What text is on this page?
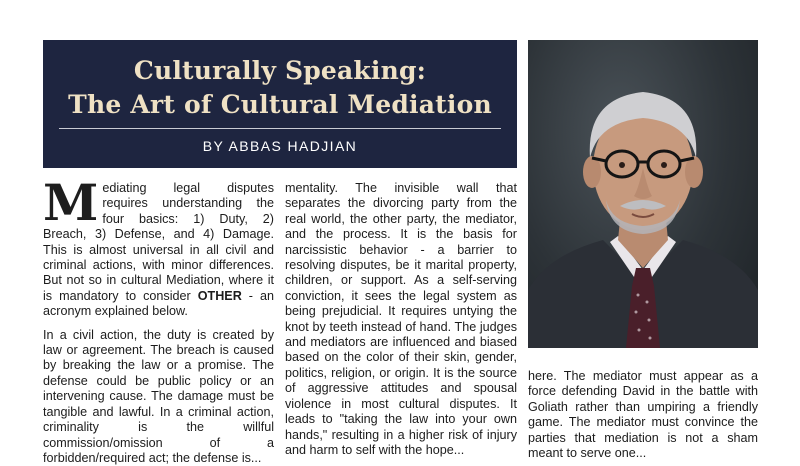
Culturally Speaking:
The Art of Cultural Mediation
BY ABBAS HADJIAN

Mediating legal disputes requires understanding the four basics: 1) Duty, 2) Breach, 3) Defense, and 4) Damage. This is almost universal in all civil and criminal actions, with minor differences. But not so in cultural Mediation, where it is mandatory to consider OTHER - an acronym explained below.

In a civil action, the duty is created by law or agreement. The breach is caused by breaking the law or a promise. The defense could be public policy or an intervening cause. The damage must be tangible and lawful. In a criminal action, criminality is the willful commission/omission of a forbidden/required act; the defense is...

mentality. The invisible wall that separates the divorcing party from the real world, the other party, the mediator, and the process. It is the basis for narcissistic behavior - a barrier to resolving disputes, be it marital property, children, or support. As a self-serving conviction, it sees the legal system as being prejudicial. It requires untying the knot by teeth instead of hand. The judges and mediators are influenced and biased based on the color of their skin, gender, politics, religion, or origin. It is the source of aggressive attitudes and spousal violence in most cultural disputes. It leads to "taking the law into your own hands," resulting in a higher risk of injury and harm to self with the hope...

here. The mediator must appear as a force defending David in the battle with Goliath rather than umpiring a friendly game. The mediator must convince the parties that mediation is not a sham meant to serve one...
